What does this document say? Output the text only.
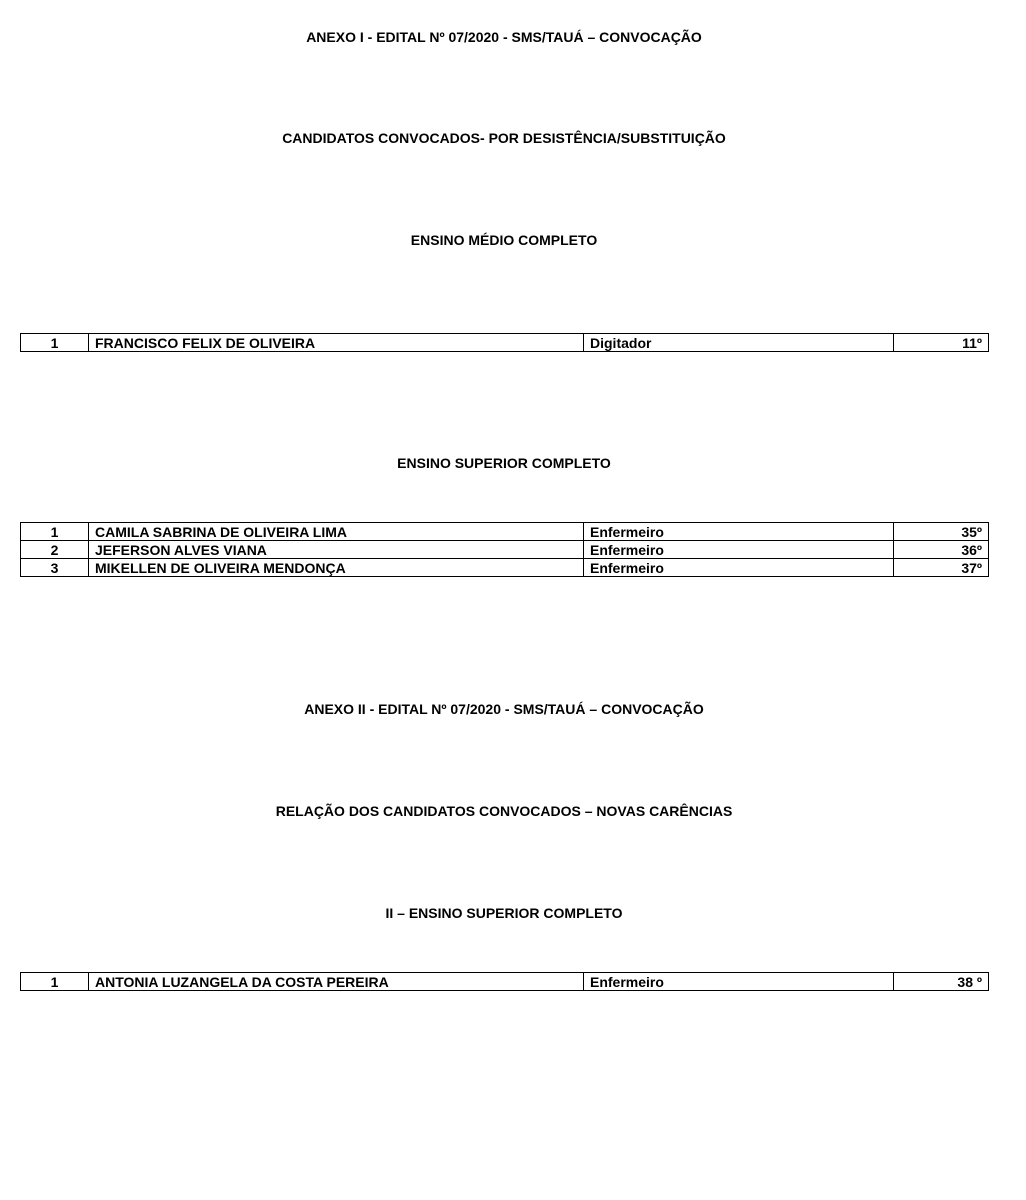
ANEXO I - EDITAL Nº 07/2020 - SMS/TAUÁ – CONVOCAÇÃO
CANDIDATOS CONVOCADOS- POR DESISTÊNCIA/SUBSTITUIÇÃO
ENSINO MÉDIO COMPLETO
1	FRANCISCO FELIX DE OLIVEIRA	Digitador	11º
ENSINO SUPERIOR COMPLETO
1	CAMILA SABRINA DE OLIVEIRA LIMA	Enfermeiro	35º
2	JEFERSON ALVES VIANA	Enfermeiro	36º
3	MIKELLEN DE OLIVEIRA MENDONÇA	Enfermeiro	37º
ANEXO II - EDITAL Nº 07/2020 - SMS/TAUÁ – CONVOCAÇÃO
RELAÇÃO DOS CANDIDATOS CONVOCADOS – NOVAS CARÊNCIAS
II – ENSINO SUPERIOR COMPLETO
1	ANTONIA LUZANGELA DA COSTA PEREIRA	Enfermeiro	38 º
